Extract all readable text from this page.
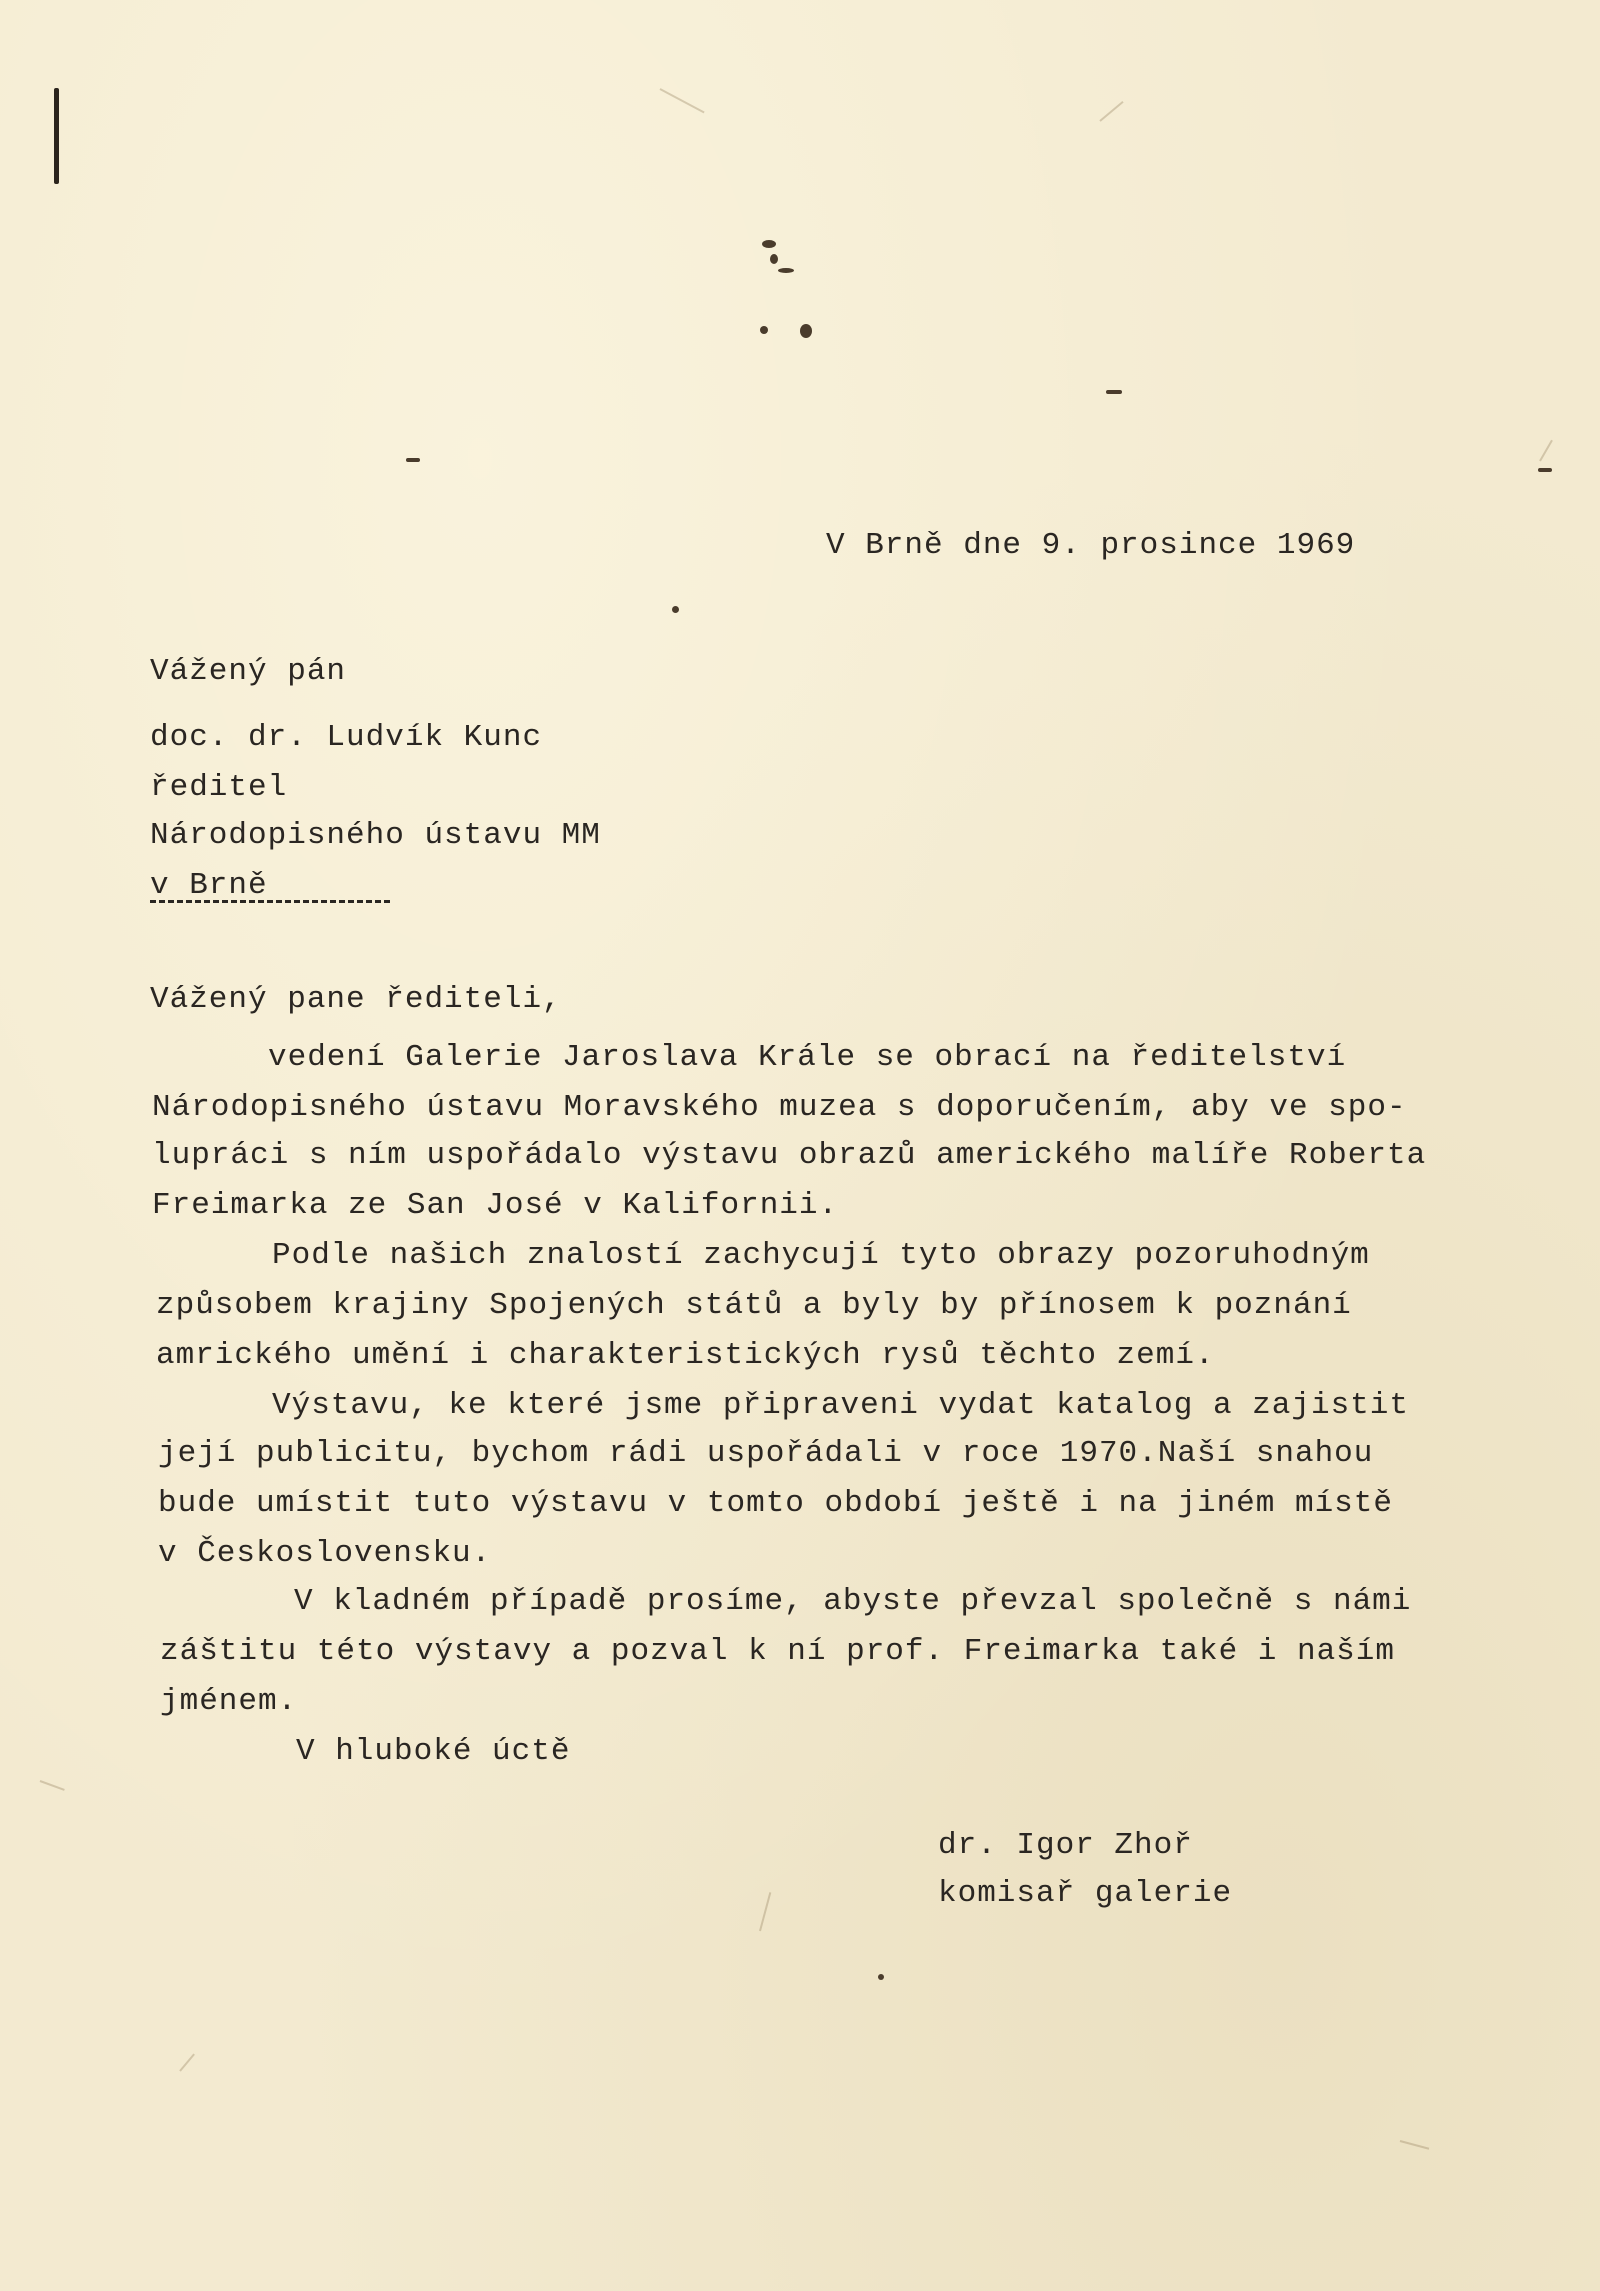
V Brně dne 9. prosince 1969
Vážený pán
doc. dr. Ludvík Kunc
ředitel
Národopisného ústavu MM
v Brně
Vážený pane řediteli,
vedení Galerie Jaroslava Krále se obrací na ředitelství
Národopisného ústavu Moravského muzea s doporučením, aby ve spo-
lupráci s ním uspořádalo výstavu obrazů amerického malíře Roberta
Freimarka ze San José v Kalifornii.
Podle našich znalostí zachycují tyto obrazy pozoruhodným
způsobem krajiny Spojených států a byly by přínosem k poznání
amrického umění i charakteristických rysů těchto zemí.
Výstavu, ke které jsme připraveni vydat katalog a zajistit
její publicitu, bychom rádi uspořádali v roce 1970.Naší snahou
bude umístit tuto výstavu v tomto období ještě i na jiném místě
v Československu.
V kladném případě prosíme, abyste převzal společně s námi
záštitu této výstavy a pozval k ní prof. Freimarka také i naším
jménem.
V hluboké úctě
dr. Igor Zhoř
komisař galerie
